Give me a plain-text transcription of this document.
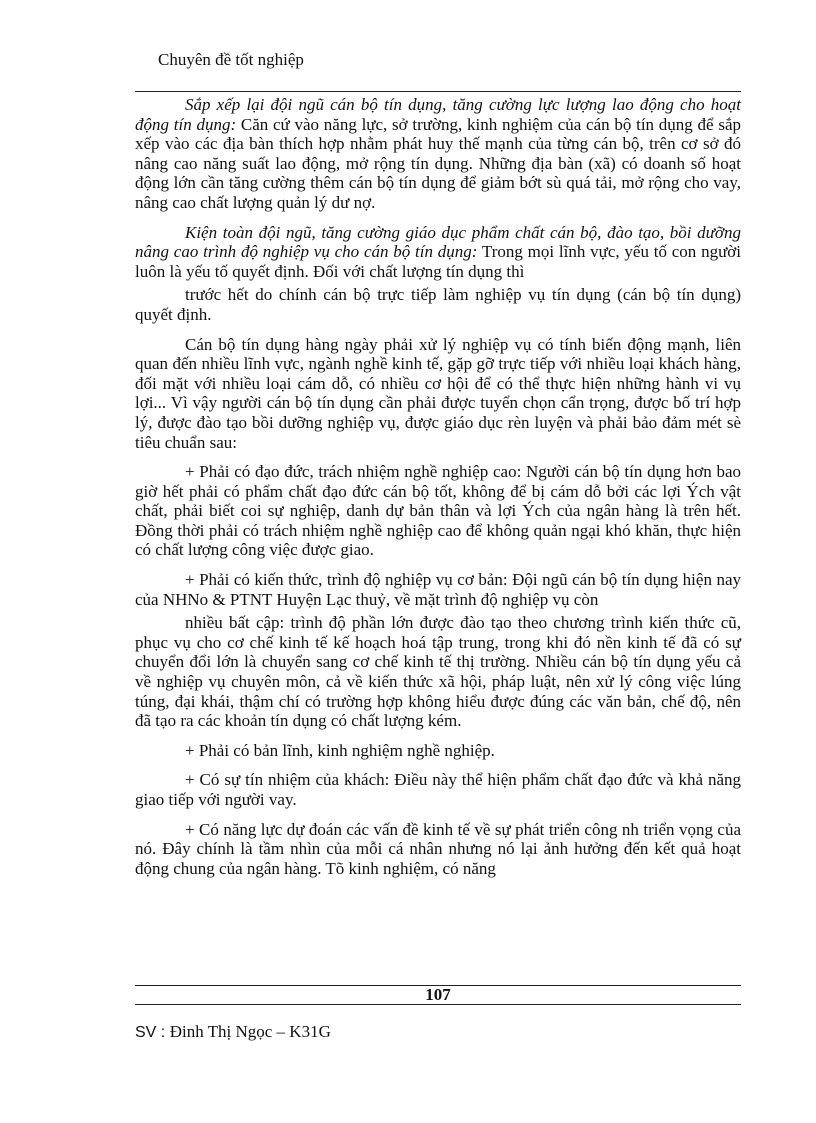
Chuyên đề tốt nghiệp

Sắp xếp lại đội ngũ cán bộ tín dụng, tăng cường lực lượng lao động cho hoạt động tín dụng: Căn cứ vào năng lực, sở trường, kinh nghiệm của cán bộ tín dụng để sắp xếp vào các địa bàn thích hợp nhằm phát huy thế mạnh của từng cán bộ, trên cơ sở đó nâng cao năng suất lao động, mở rộng tín dụng. Những địa bàn (xã) có doanh số hoạt động lớn cần tăng cường thêm cán bộ tín dụng để giảm bớt sù quá tải, mở rộng cho vay, nâng cao chất lượng quản lý dư nợ.

Kiện toàn đội ngũ, tăng cường giáo dục phẩm chất cán bộ, đào tạo, bồi dưỡng nâng cao trình độ nghiệp vụ cho cán bộ tín dụng: Trong mọi lĩnh vực, yếu tố con người luôn là yếu tố quyết định. Đối với chất lượng tín dụng thì

trước hết do chính cán bộ trực tiếp làm nghiệp vụ tín dụng (cán bộ tín dụng) quyết định.

Cán bộ tín dụng hàng ngày phải xử lý nghiệp vụ có tính biến động mạnh, liên quan đến nhiều lĩnh vực, ngành nghề kinh tế, gặp gỡ trực tiếp với nhiều loại khách hàng, đối mặt với nhiều loại cám dỗ, có nhiều cơ hội để có thể thực hiện những hành vi vụ lợi... Vì vậy người cán bộ tín dụng cần phải được tuyển chọn cẩn trọng, được bố trí hợp lý, được đào tạo bồi dưỡng nghiệp vụ, được giáo dục rèn luyện và phải bảo đảm mét sè tiêu chuẩn sau:

+ Phải có đạo đức, trách nhiệm nghề nghiệp cao: Người cán bộ tín dụng hơn bao giờ hết phải có phẩm chất đạo đức cán bộ tốt, không để bị cám dỗ bởi các lợi Ých vật chất, phải biết coi sự nghiệp, danh dự bản thân và lợi Ých của ngân hàng là trên hết. Đồng thời phải có trách nhiệm nghề nghiệp cao để không quản ngại khó khăn, thực hiện có chất lượng công việc được giao.

+ Phải có kiến thức, trình độ nghiệp vụ cơ bản: Đội ngũ cán bộ tín dụng hiện nay của NHNo & PTNT Huyện Lạc thuỷ, về mặt trình độ nghiệp vụ còn

nhiều bất cập: trình độ phần lớn được đào tạo theo chương trình kiến thức cũ, phục vụ cho cơ chế kinh tế kế hoạch hoá tập trung, trong khi đó nền kinh tế đã có sự chuyển đổi lớn là chuyển sang cơ chế kinh tế thị trường. Nhiều cán bộ tín dụng yếu cả về nghiệp vụ chuyên môn, cả về kiến thức xã hội, pháp luật, nên xử lý công việc lúng túng, đại khái, thậm chí có trường hợp không hiểu được đúng các văn bản, chế độ, nên đã tạo ra các khoản tín dụng có chất lượng kém.

+ Phải có bản lĩnh, kinh nghiệm nghề nghiệp.

+ Có sự tín nhiệm của khách: Điều này thể hiện phẩm chất đạo đức và khả năng giao tiếp với người vay.

+ Có năng lực dự đoán các vấn đề kinh tế về sự phát triển công nh triển vọng của nó. Đây chính là tầm nhìn của mỗi cá nhân nhưng nó lại ảnh hưởng đến kết quả hoạt động chung của ngân hàng. Tõ kinh nghiệm, có năng

107
SV : Đinh Thị Ngọc – K31G
